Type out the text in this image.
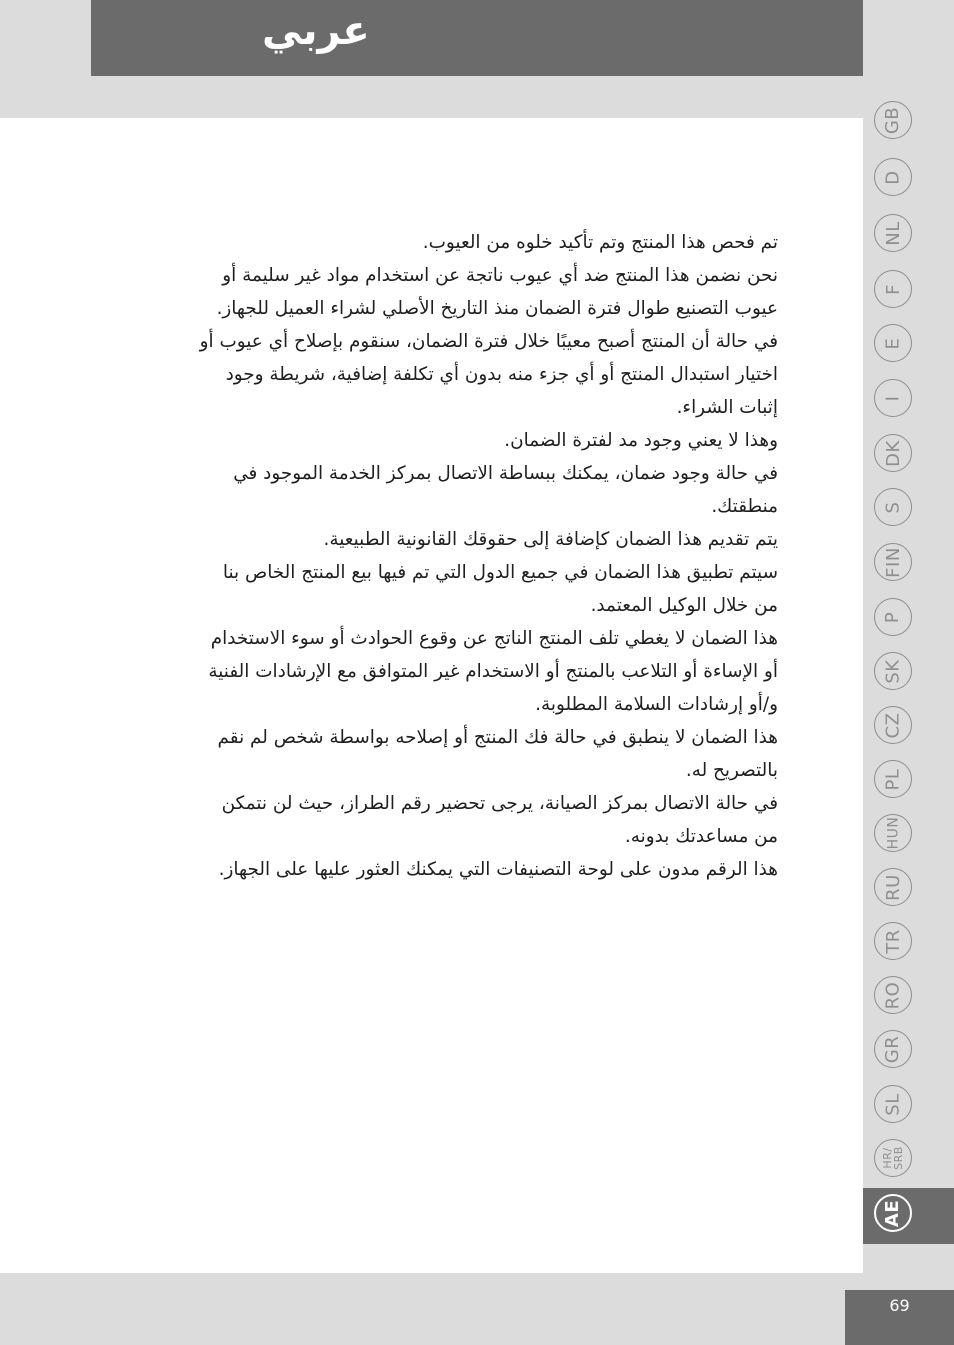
عربي

تم فحص هذا المنتج وتم تأكيد خلوه من العيوب.

نحن نضمن هذا المنتج ضد أي عيوب ناتجة عن استخدام مواد غير سليمة أو عيوب التصنيع طوال فترة الضمان منذ التاريخ الأصلي لشراء العميل للجهاز.

في حالة أن المنتج أصبح معيبًا خلال فترة الضمان، سنقوم بإصلاح أي عيوب أو اختيار استبدال المنتج أو أي جزء منه بدون أي تكلفة إضافية، شريطة وجود إثبات الشراء.

وهذا لا يعني وجود مد لفترة الضمان.

في حالة وجود ضمان، يمكنك ببساطة الاتصال بمركز الخدمة الموجود في منطقتك.

يتم تقديم هذا الضمان كإضافة إلى حقوقك القانونية الطبيعية.

سيتم تطبيق هذا الضمان في جميع الدول التي تم فيها بيع المنتج الخاص بنا من خلال الوكيل المعتمد.

هذا الضمان لا يغطي تلف المنتج الناتج عن وقوع الحوادث أو سوء الاستخدام أو الإساءة أو التلاعب بالمنتج أو الاستخدام غير المتوافق مع الإرشادات الفنية و/أو إرشادات السلامة المطلوبة.

هذا الضمان لا ينطبق في حالة فك المنتج أو إصلاحه بواسطة شخص لم نقم بالتصريح له.

في حالة الاتصال بمركز الصيانة، يرجى تحضير رقم الطراز، حيث لن نتمكن من مساعدتك بدونه.

هذا الرقم مدون على لوحة التصنيفات التي يمكنك العثور عليها على الجهاز.

GB
D
NL
F
E
I
DK
S
FIN
P
SK
CZ
PL
HUN
RU
TR
RO
GR
SL
HR/
SRB
AE
69
